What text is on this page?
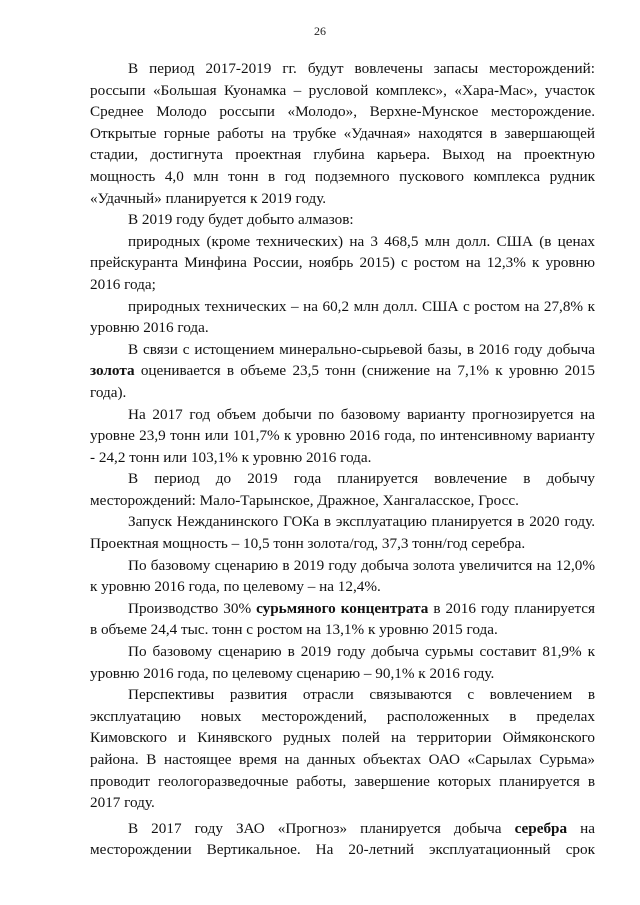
26

В период 2017-2019 гг. будут вовлечены запасы месторождений: россыпи «Большая Куонамка – русловой комплекс», «Хара-Мас», участок Среднее Молодо россыпи «Молодо», Верхне-Мунское месторождение. Открытые горные работы на трубке «Удачная» находятся в завершающей стадии, достигнута проектная глубина карьера. Выход на проектную мощность 4,0 млн тонн в год подземного пускового комплекса рудник «Удачный» планируется к 2019 году.

В 2019 году будет добыто алмазов:

природных (кроме технических) на 3 468,5 млн долл. США (в ценах прейскуранта Минфина России, ноябрь 2015) с ростом на 12,3% к уровню 2016 года;

природных технических – на 60,2 млн долл. США с ростом на 27,8% к уровню 2016 года.

В связи с истощением минерально-сырьевой базы, в 2016 году добыча золота оценивается в объеме 23,5 тонн (снижение на 7,1% к уровню 2015 года).

На 2017 год объем добычи по базовому варианту прогнозируется на уровне 23,9 тонн или 101,7% к уровню 2016 года, по интенсивному варианту - 24,2 тонн или 103,1% к уровню 2016 года.

В период до 2019 года планируется вовлечение в добычу месторождений: Мало-Тарынское, Дражное, Хангаласское, Гросс.

Запуск Нежданинского ГОКа в эксплуатацию планируется в 2020 году. Проектная мощность – 10,5 тонн золота/год, 37,3 тонн/год серебра.

По базовому сценарию в 2019 году добыча золота увеличится на 12,0% к уровню 2016 года, по целевому – на 12,4%.

Производство 30% сурьмяного концентрата в 2016 году планируется в объеме 24,4 тыс. тонн с ростом на 13,1% к уровню 2015 года.

По базовому сценарию в 2019 году добыча сурьмы составит 81,9% к уровню 2016 года, по целевому сценарию – 90,1% к 2016 году.

Перспективы развития отрасли связываются с вовлечением в эксплуатацию новых месторождений, расположенных в пределах Кимовского и Кинявского рудных полей на территории Оймяконского района. В настоящее время на данных объектах ОАО «Сарылах Сурьма» проводит геологоразведочные работы, завершение которых планируется в 2017 году.

В 2017 году ЗАО «Прогноз» планируется добыча серебра на месторождении Вертикальное. На 20-летний эксплуатационный срок
